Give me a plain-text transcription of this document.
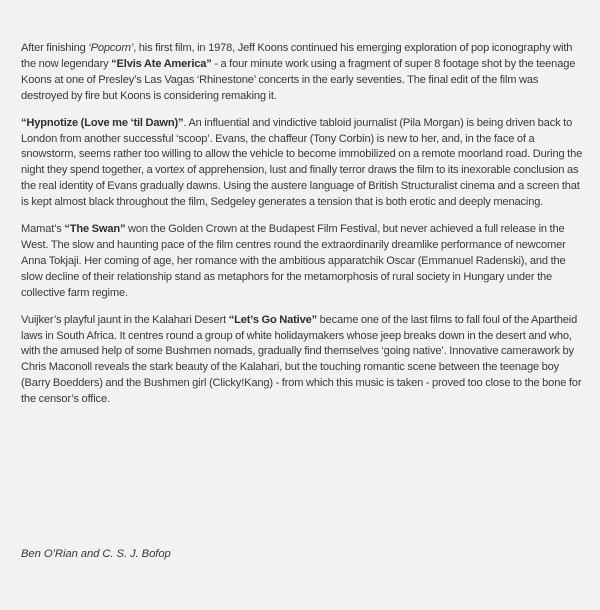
After finishing ‘Popcorn’, his first film, in 1978, Jeff Koons continued his emerging exploration of pop iconography with the now legendary “Elvis Ate America” - a four minute work using a fragment of super 8 footage shot by the teenage Koons at one of Presley’s Las Vagas ‘Rhinestone’ concerts in the early seventies. The final edit of the film was destroyed by fire but Koons is considering remaking it.

“Hypnotize (Love me ‘til Dawn)”. An influential and vindictive tabloid journalist (Pila Morgan) is being driven back to London from another successful ‘scoop’. Evans, the chaffeur (Tony Corbin) is new to her, and, in the face of a snowstorm, seems rather too willing to allow the vehicle to become immobilized on a remote moorland road. During the night they spend together, a vortex of apprehension, lust and finally terror draws the film to its inexorable conclusion as the real identity of Evans gradually dawns. Using the austere language of British Structuralist cinema and a screen that is kept almost black throughout the film, Sedgeley generates a tension that is both erotic and deeply menacing.

Mamat’s “The Swan” won the Golden Crown at the Budapest Film Festival, but never achieved a full release in the West. The slow and haunting pace of the film centres round the extraordinarily dreamlike performance of newcomer Anna Tokjaji. Her coming of age, her romance with the ambitious apparatchik Oscar (Emmanuel Radenski), and the slow decline of their relationship stand as metaphors for the metamorphosis of rural society in Hungary under the collective farm regime.

Vuijker’s playful jaunt in the Kalahari Desert “Let’s Go Native” became one of the last films to fall foul of the Apartheid laws in South Africa. It centres round a group of white holidaymakers whose jeep breaks down in the desert and who, with the amused help of some Bushmen nomads, gradually find themselves ‘going native’. Innovative camerawork by Chris Maconoll reveals the stark beauty of the Kalahari, but the touching romantic scene between the teenage boy (Barry Boedders) and the Bushmen girl (Clicky!Kang) - from which this music is taken - proved too close to the bone for the censor’s office.

Ben O’Rian and C. S. J. Bofop
